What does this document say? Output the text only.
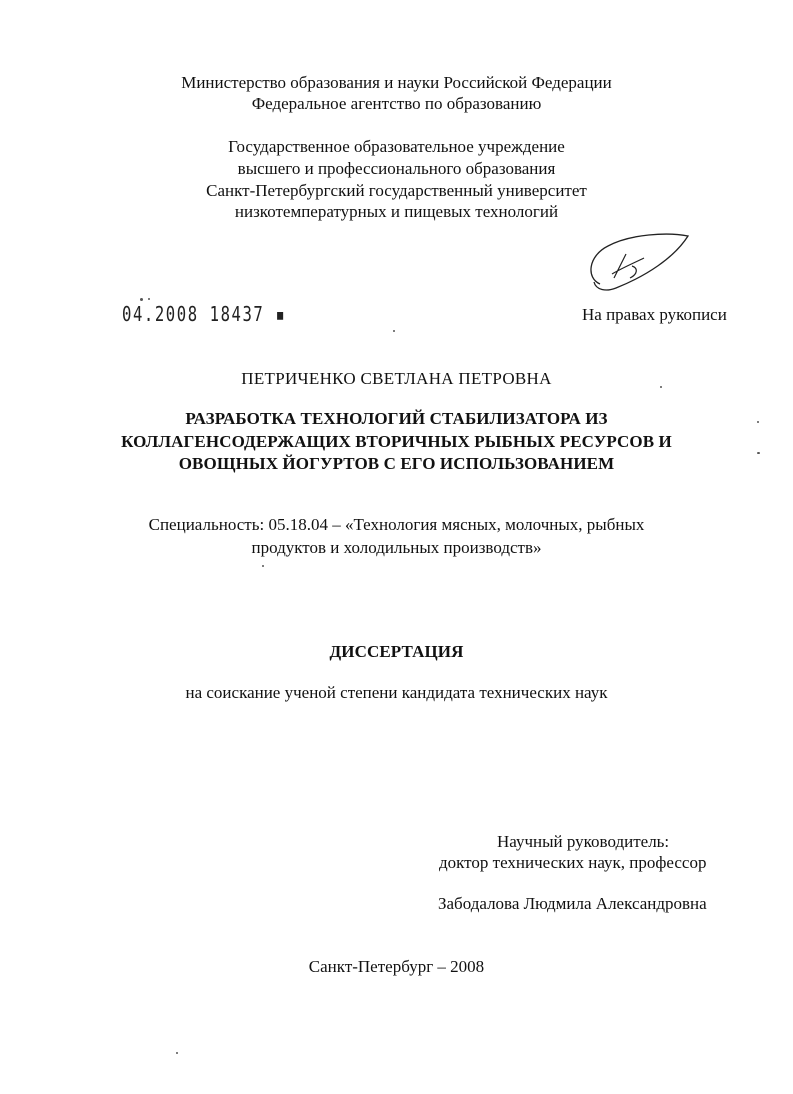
Министерство образования и науки Российской Федерации
Федеральное агентство по образованию
Государственное образовательное учреждение
высшего и профессионального образования
Санкт-Петербургский государственный университет
низкотемпературных и пищевых технологий
04.2008 18437 ▪	На правах рукописи
ПЕТРИЧЕНКО СВЕТЛАНА ПЕТРОВНА
РАЗРАБОТКА ТЕХНОЛОГИЙ СТАБИЛИЗАТОРА ИЗ
КОЛЛАГЕНСОДЕРЖАЩИХ ВТОРИЧНЫХ РЫБНЫХ РЕСУРСОВ И
ОВОЩНЫХ ЙОГУРТОВ С ЕГО ИСПОЛЬЗОВАНИЕМ
Специальность: 05.18.04 – «Технология мясных, молочных, рыбных
продуктов и холодильных производств»
ДИССЕРТАЦИЯ
на соискание ученой степени кандидата технических наук
Научный руководитель:
доктор технических наук, профессор
Забодалова Людмила Александровна
Санкт-Петербург – 2008
